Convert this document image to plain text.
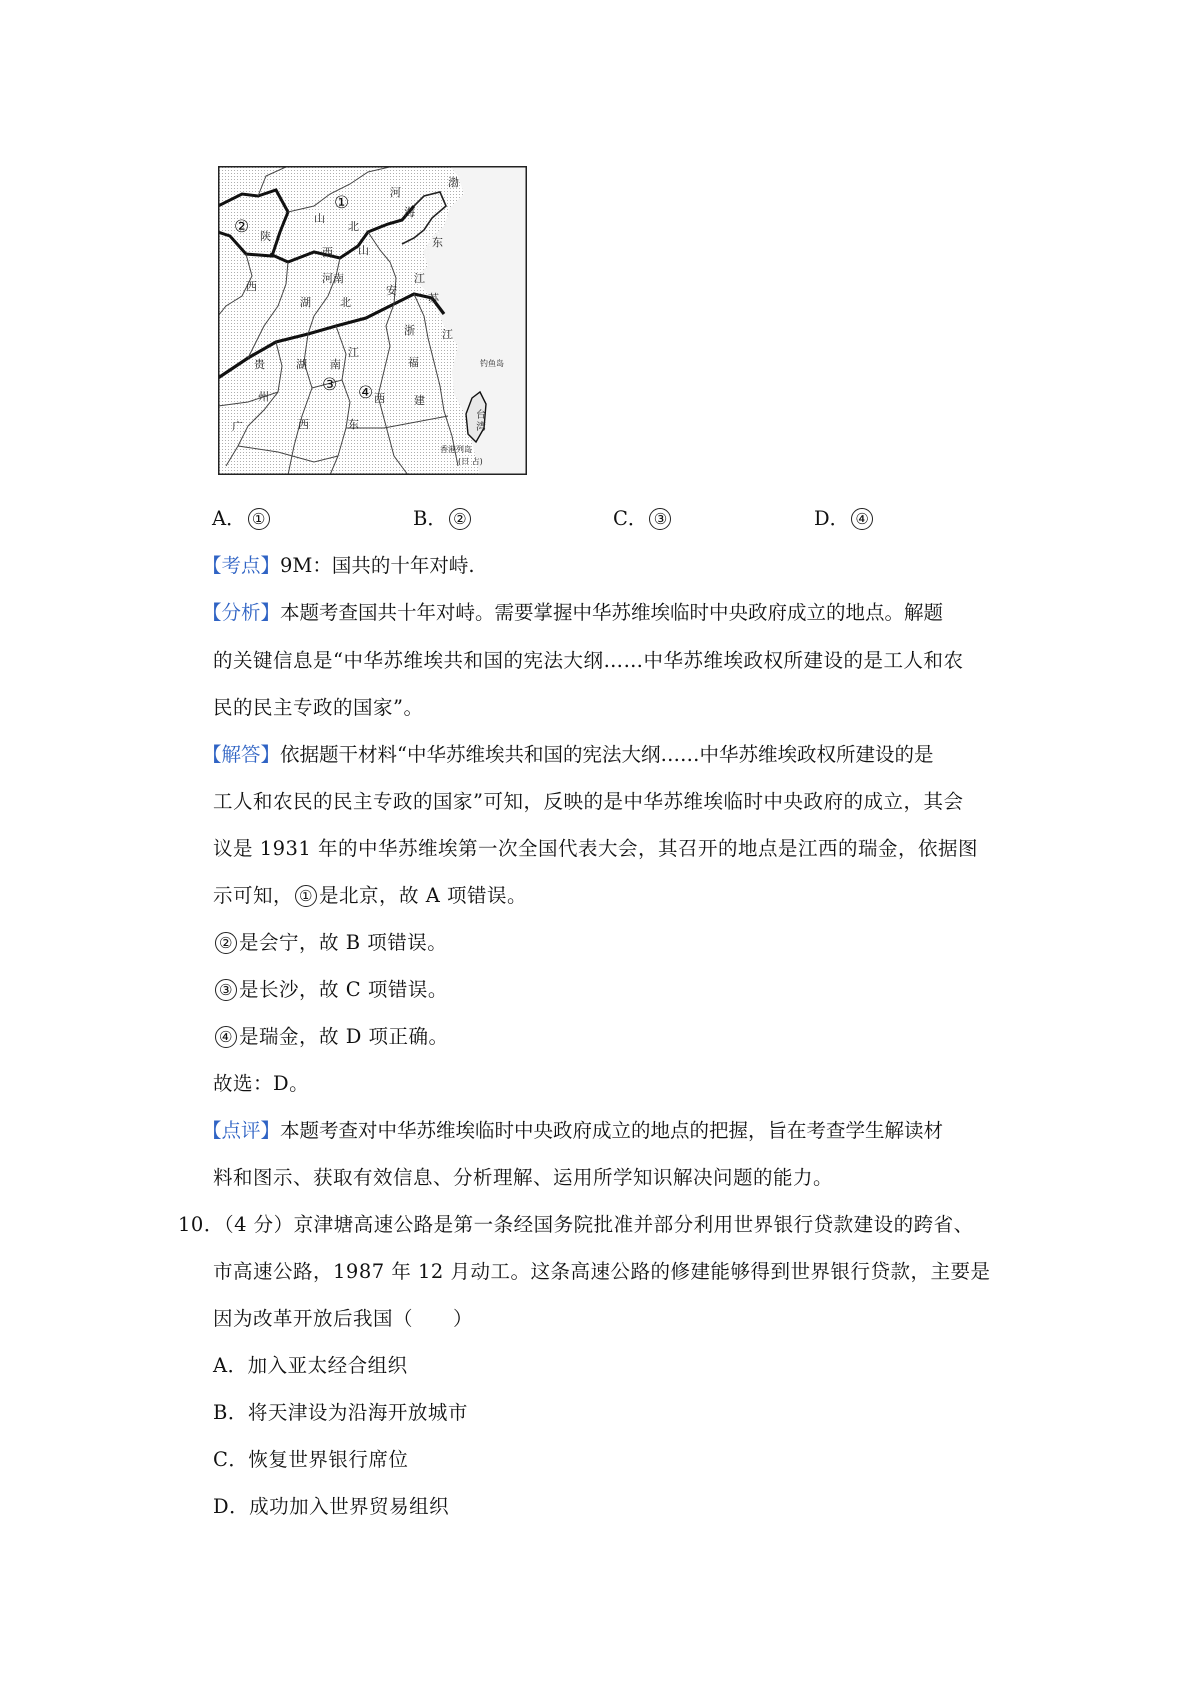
山
北
西
陕
河
渤
海
山
东
河南	江
苏
西	安
湖	北
贵
州
湖 南
江
西
浙 江
福
建
广	东
西
台
湾
钓鱼岛
香港列岛
(日 占)
①
②
③ ④
A． ①	B． ②	C． ③	D． ④
【考点】9M：国共的十年对峙.
【分析】本题考查国共十年对峙。需要掌握中华苏维埃临时中央政府成立的地点。解题
的关键信息是“中华苏维埃共和国的宪法大纲……中华苏维埃政权所建设的是工人和农
民的民主专政的国家”。
【解答】依据题干材料“中华苏维埃共和国的宪法大纲……中华苏维埃政权所建设的是
工人和农民的民主专政的国家”可知，反映的是中华苏维埃临时中央政府的成立，其会
议是 1931 年的中华苏维埃第一次全国代表大会，其召开的地点是江西的瑞金，依据图
示可知， ① 是北京，故 A 项错误。
② 是会宁，故 B 项错误。
③ 是长沙，故 C 项错误。
④ 是瑞金，故 D 项正确。
故选：D。
【点评】本题考查对中华苏维埃临时中央政府成立的地点的把握，旨在考查学生解读材
料和图示、获取有效信息、分析理解、运用所学知识解决问题的能力。
10．（4 分）京津塘高速公路是第一条经国务院批准并部分利用世界银行贷款建设的跨省、
市高速公路，1987 年 12 月动工。这条高速公路的修建能够得到世界银行贷款，主要是
因为改革开放后我国（　　）
A．加入亚太经合组织
B．将天津设为沿海开放城市
C．恢复世界银行席位
D．成功加入世界贸易组织
